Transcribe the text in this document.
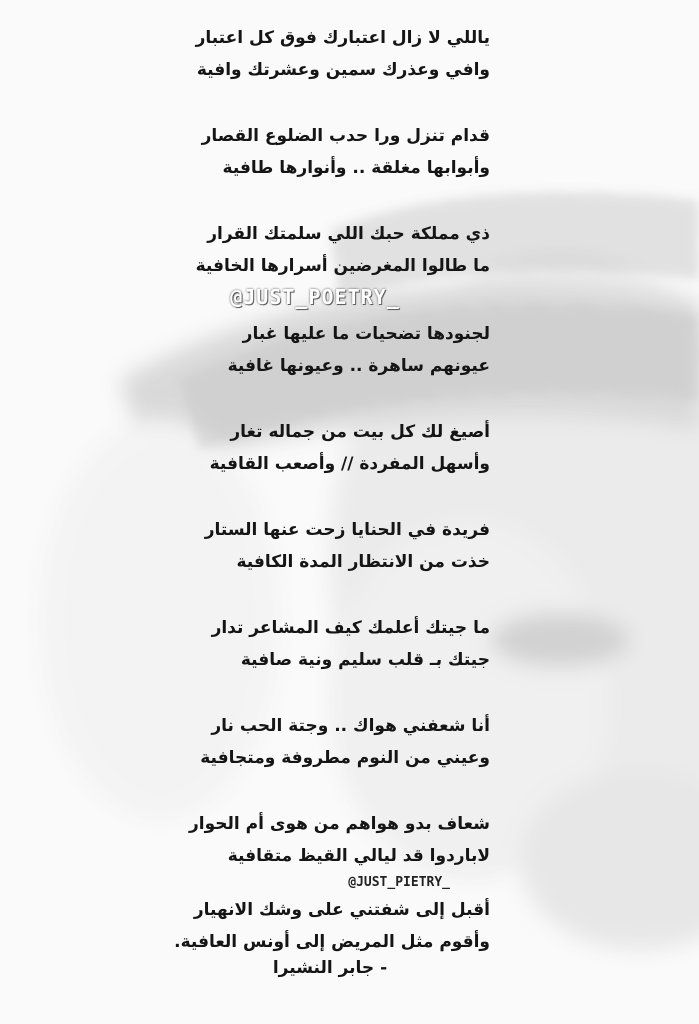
ياللي لا زال اعتبارك فوق كل اعتبار
وافي وعذرك سمين وعشرتك وافية
قدام تنزل ورا حدب الضلوع القصار
وأبوابها مغلقة .. وأنوارها طافية
ذي مملكة حبك اللي سلمتك القرار
ما طالوا المغرضين أسرارها الخافية
@JUST_POETRY_
لجنودها تضحيات ما عليها غبار
عيونهم ساهرة .. وعيونها غافية
أصيغ لك كل بيت من جماله تغار
وأسهل المفردة // وأصعب القافية
فريدة في الحنايا زحت عنها الستار
خذت من الانتظار المدة الكافية
ما جيتك أعلمك كيف المشاعر تدار
جيتك بـ قلب سليم ونية صافية
أنا شعفني هواك .. وجتة الحب نار
وعيني من النوم مطروفة ومتجافية
شعاف بدو هواهم من هوى أم الحوار
لاباردوا قد ليالي القيظ متقافية
@JUST_PIETRY_
أقبل إلى شفتني على وشك الانهيار
وأقوم مثل المريض إلى أونس العافية.
- جابر النشيرا
